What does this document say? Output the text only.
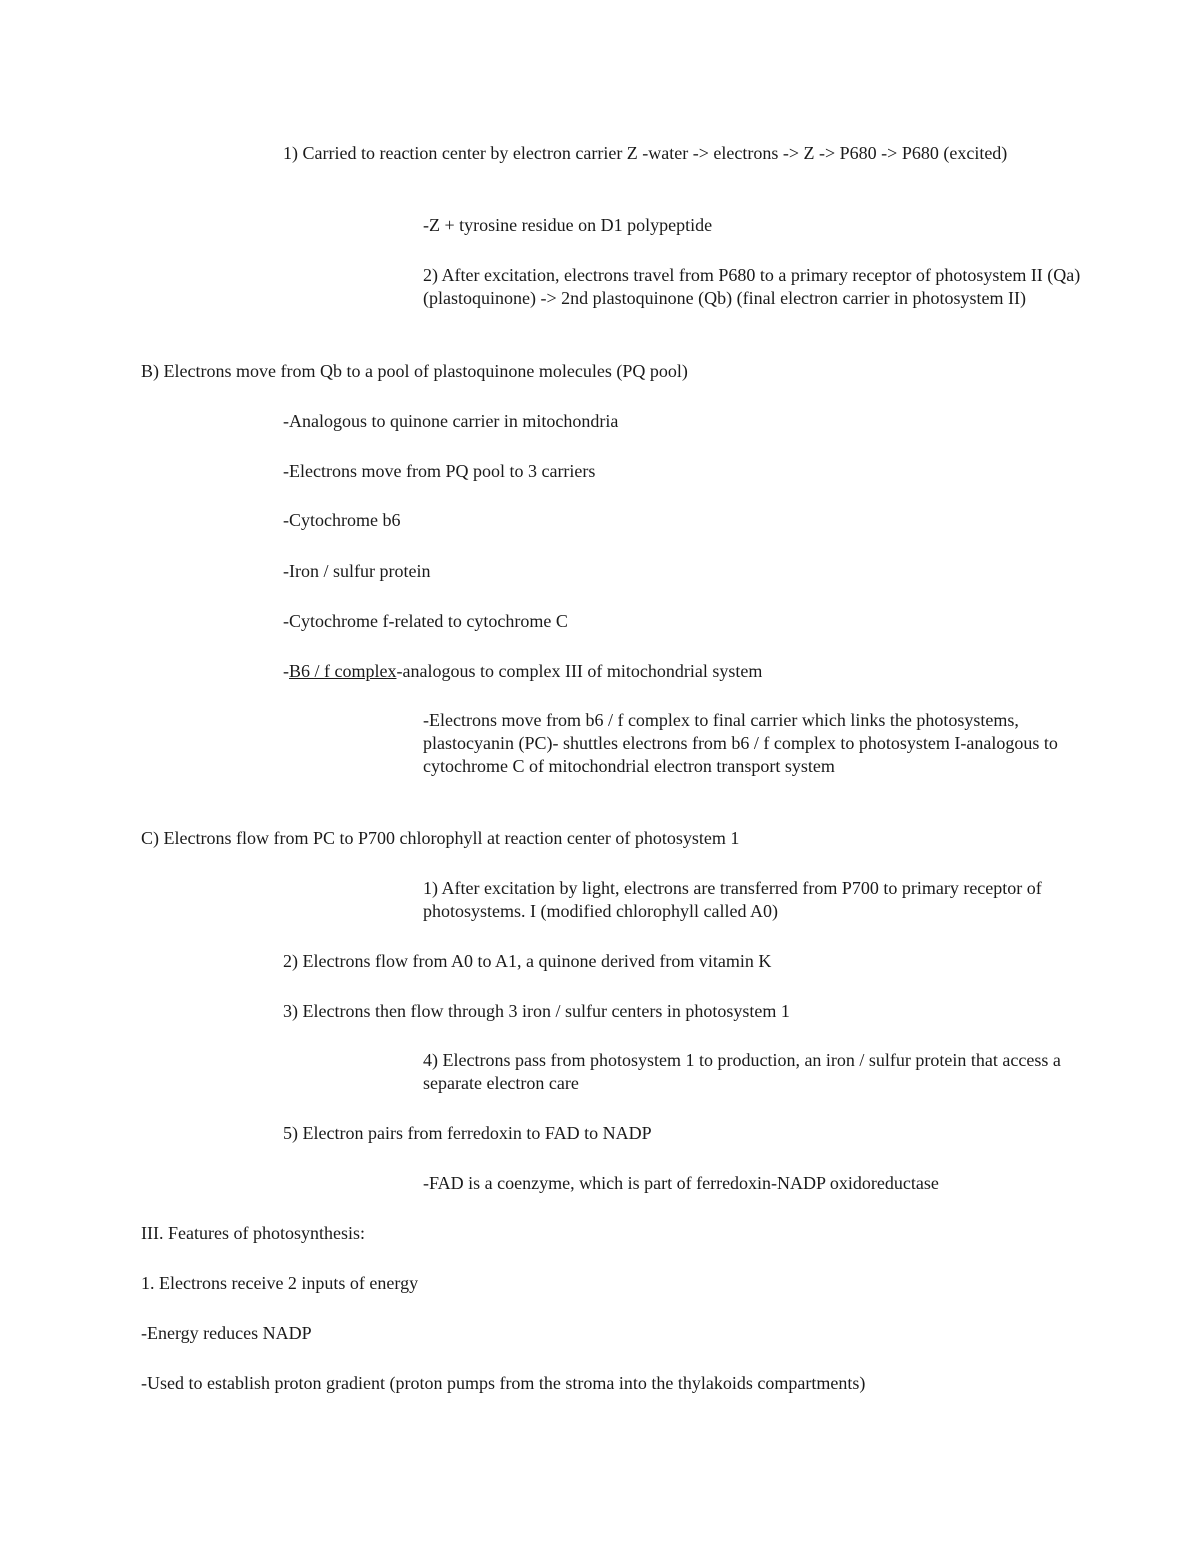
1) Carried to reaction center by electron carrier Z -water -> electrons -> Z -> P680 -> P680 (excited)

-Z + tyrosine residue on D1 polypeptide

2) After excitation, electrons travel from P680 to a primary receptor of photosystem II (Qa) (plastoquinone) -> 2nd plastoquinone (Qb) (final electron carrier in photosystem II)

B) Electrons move from Qb to a pool of plastoquinone molecules (PQ pool)

-Analogous to quinone carrier in mitochondria

-Electrons move from PQ pool to 3 carriers

-Cytochrome b6

-Iron / sulfur protein

-Cytochrome f-related to cytochrome C

-B6 / f complex-analogous to complex III of mitochondrial system

-Electrons move from b6 / f complex to final carrier which links the photosystems, plastocyanin (PC)- shuttles electrons from b6 / f complex to photosystem I-analogous to cytochrome C of mitochondrial electron transport system

C) Electrons flow from PC to P700 chlorophyll at reaction center of photosystem 1

1) After excitation by light, electrons are transferred from P700 to primary receptor of photosystems. I (modified chlorophyll called A0)

2) Electrons flow from A0 to A1, a quinone derived from vitamin K

3) Electrons then flow through 3 iron / sulfur centers in photosystem 1

4) Electrons pass from photosystem 1 to production, an iron / sulfur protein that access a separate electron care

5) Electron pairs from ferredoxin to FAD to NADP

-FAD is a coenzyme, which is part of ferredoxin-NADP oxidoreductase

III. Features of photosynthesis:

1. Electrons receive 2 inputs of energy

-Energy reduces NADP

-Used to establish proton gradient (proton pumps from the stroma into the thylakoids compartments)
